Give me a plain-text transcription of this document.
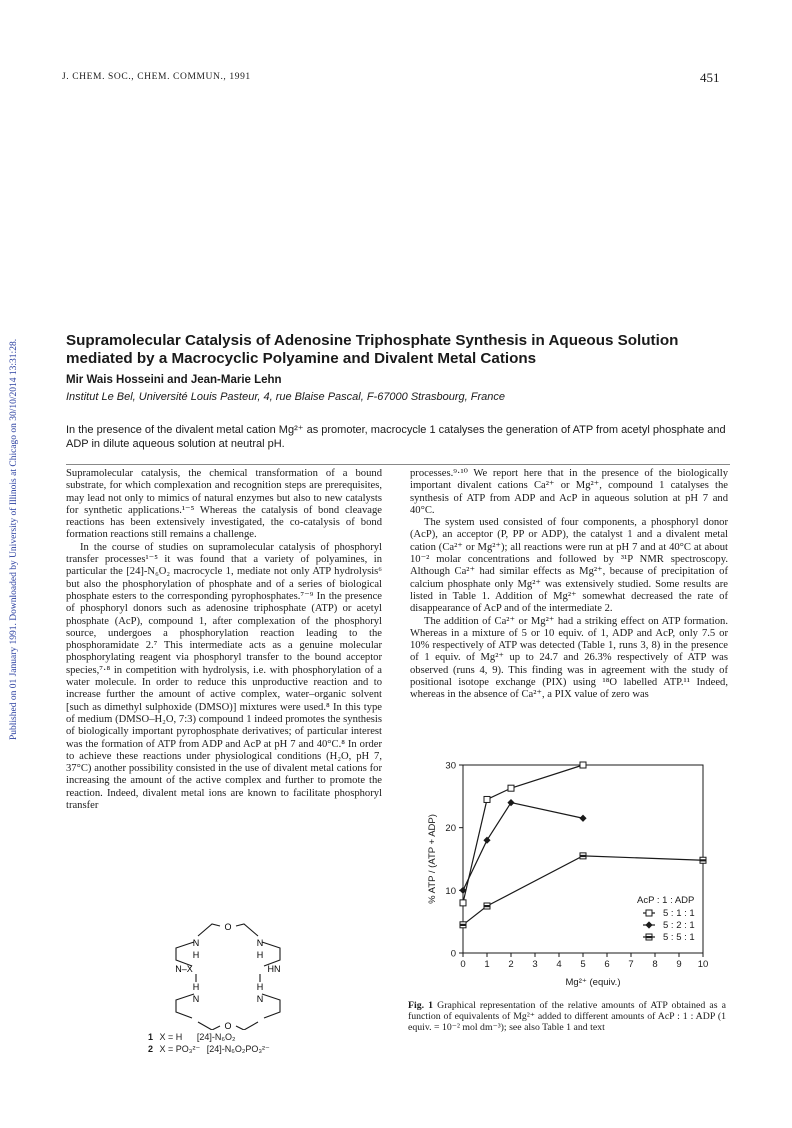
J. CHEM. SOC., CHEM. COMMUN., 1991	451
Published on 01 January 1991. Downloaded by University of Illinois at Chicago on 30/10/2014 13:31:28.	Supramolecular Catalysis of Adenosine Triphosphate Synthesis in Aqueous Solution mediated by a Macrocyclic Polyamine and Divalent Metal Cations
Mir Wais Hosseini and Jean-Marie Lehn
Institut Le Bel, Université Louis Pasteur, 4, rue Blaise Pascal, F-67000 Strasbourg, France
In the presence of the divalent metal cation Mg²⁺ as promoter, macrocycle 1 catalyses the generation of ATP from acetyl phosphate and ADP in dilute aqueous solution at neutral pH.

Supramolecular catalysis, the chemical transformation of a bound substrate, for which complexation and recognition steps are prerequisites, may lead not only to mimics of natural enzymes but also to new catalysts for synthetic applications.¹⁻⁵ Whereas the catalysis of bond cleavage reactions has been extensively investigated, the co-catalysis of bond formation reactions still remains a challenge.

In the course of studies on supramolecular catalysis of phosphoryl transfer processes¹⁻⁵ it was found that a variety of polyamines, in particular the [24]-N₆O₂ macrocycle 1, mediate not only ATP hydrolysis⁶ but also the phosphorylation of phosphate and of a series of biological phosphate esters to the corresponding pyrophosphates.⁷⁻⁹ In the presence of phosphoryl donors such as adenosine triphosphate (ATP) or acetyl phosphate (AcP), compound 1, after complexation of the phosphoryl source, undergoes a phosphorylation reaction leading to the phosphoramidate 2.⁷ This intermediate acts as a genuine molecular phosphorylating reagent via phosphoryl transfer to the bound acceptor species,⁷·⁸ in competition with hydrolysis, i.e. with phosphorylation of a water molecule. In order to reduce this unproductive reaction and to increase further the amount of active complex, water–organic solvent [such as dimethyl sulphoxide (DMSO)] mixtures were used.⁸ In this type of medium (DMSO–H₂O, 7:3) compound 1 indeed promotes the synthesis of biologically important pyrophosphate derivatives; of particular interest was the formation of ATP from ADP and AcP at pH 7 and 40°C.⁸ In order to achieve these reactions under physiological conditions (H₂O, pH 7, 37°C) another possibility consisted in the use of divalent metal cations for increasing the amount of the active complex and further to promote the reaction. Indeed, divalent metal ions are known to facilitate phosphoryl transfer

processes.⁹·¹⁰ We report here that in the presence of the biologically important divalent cations Ca²⁺ or Mg²⁺, compound 1 catalyses the synthesis of ATP from ADP and AcP in aqueous solution at pH 7 and 40°C.

The system used consisted of four components, a phosphoryl donor (AcP), an acceptor (P, PP or ADP), the catalyst 1 and a divalent metal cation (Ca²⁺ or Mg²⁺); all reactions were run at pH 7 and at 40°C at about 10⁻² molar concentrations and followed by ³¹P NMR spectroscopy. Although Ca²⁺ had similar effects as Mg²⁺, because of precipitation of calcium phosphate only Mg²⁺ was extensively studied. Some results are listed in Table 1. Addition of Mg²⁺ somewhat decreased the rate of disappearance of AcP and of the intermediate 2.

The addition of Ca²⁺ or Mg²⁺ had a striking effect on ATP formation. Whereas in a mixture of 5 or 10 equiv. of 1, ADP and AcP, only 7.5 or 10% respectively of ATP was detected (Table 1, runs 3, 8) in the presence of 1 equiv. of Mg²⁺ up to 24.7 and 26.3% respectively of ATP was observed (runs 4, 9). This finding was in agreement with the study of positional isotope exchange (PIX) using ¹⁸O labelled ATP.¹¹ Indeed, whereas in the absence of Ca²⁺, a PIX value of zero was

O
N	N
H	H
N–X	HN
H	H
N	N
O
1 X = H [24]-N₆O₂
2 X = PO₃²⁻ [24]-N₆O₂PO₃²⁻
0 1 2 3 4 5 6 7 8 9 10
0
10
20
30
Mg²⁺ (equiv.)
% ATP / (ATP + ADP)	AcP : 1 : ADP
5 : 1 : 1
5 : 2 : 1
5 : 5 : 1
Fig. 1 Graphical representation of the relative amounts of ATP obtained as a function of equivalents of Mg²⁺ added to different amounts of AcP : 1 : ADP (1 equiv. = 10⁻² mol dm⁻³); see also Table 1 and text
